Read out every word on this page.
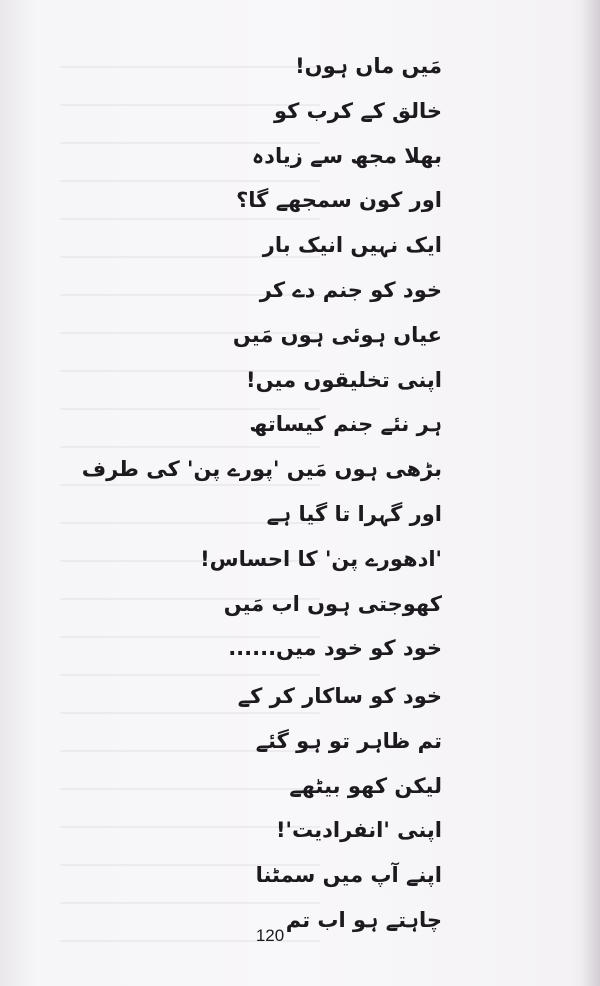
مَیں ماں ہوں!
خالق کے کرب کو
بھلا مجھ سے زیادہ
اور کون سمجھے گا؟
ایک نہیں انیک بار
خود کو جنم دے کر
عیاں ہوئی ہوں مَیں
اپنی تخلیقوں میں!
ہر نئے جنم کیساتھ
بڑھی ہوں مَیں 'پورے پن' کی طرف
اور گہرا تا گیا ہے
'ادھورے پن' کا احساس!
کھوجتی ہوں اب مَیں
خود کو خود میں......
خود کو ساکار کر کے
تم ظاہر تو ہو گئے
لیکن کھو بیٹھے
اپنی 'انفرادیت'!
اپنے آپ میں سمٹنا
چاہتے ہو اب تم
120
